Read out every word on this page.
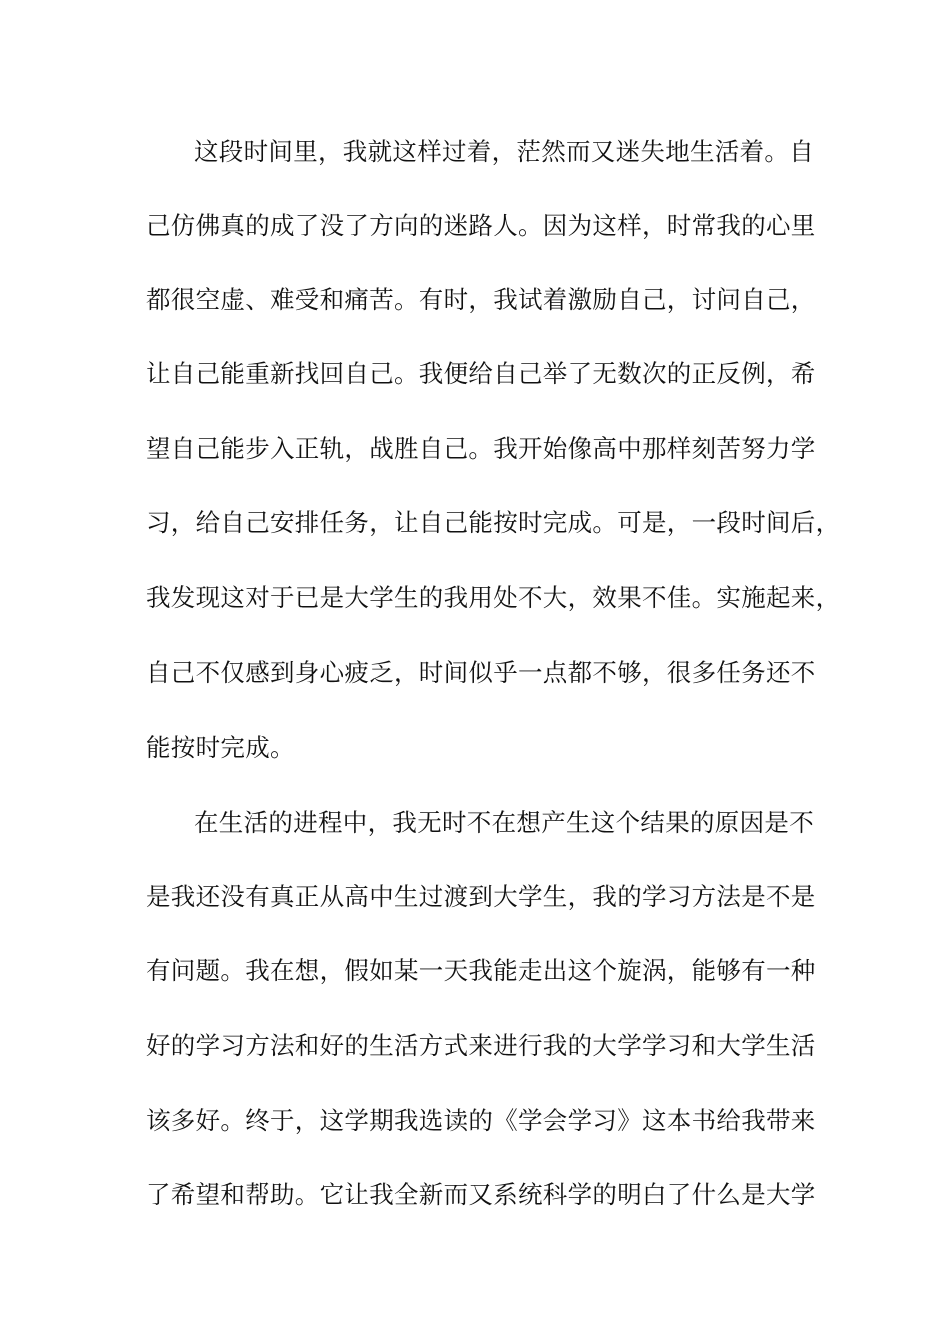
这段时间里，我就这样过着，茫然而又迷失地生活着。自
己仿佛真的成了没了方向的迷路人。因为这样，时常我的心里
都很空虚、难受和痛苦。有时，我试着激励自己，讨问自己，
让自己能重新找回自己。我便给自己举了无数次的正反例，希
望自己能步入正轨，战胜自己。我开始像高中那样刻苦努力学
习，给自己安排任务，让自己能按时完成。可是，一段时间后，
我发现这对于已是大学生的我用处不大，效果不佳。实施起来，
自己不仅感到身心疲乏，时间似乎一点都不够，很多任务还不
能按时完成。
在生活的进程中，我无时不在想产生这个结果的原因是不
是我还没有真正从高中生过渡到大学生，我的学习方法是不是
有问题。我在想，假如某一天我能走出这个旋涡，能够有一种
好的学习方法和好的生活方式来进行我的大学学习和大学生活
该多好。终于，这学期我选读的《学会学习》这本书给我带来
了希望和帮助。它让我全新而又系统科学的明白了什么是大学
